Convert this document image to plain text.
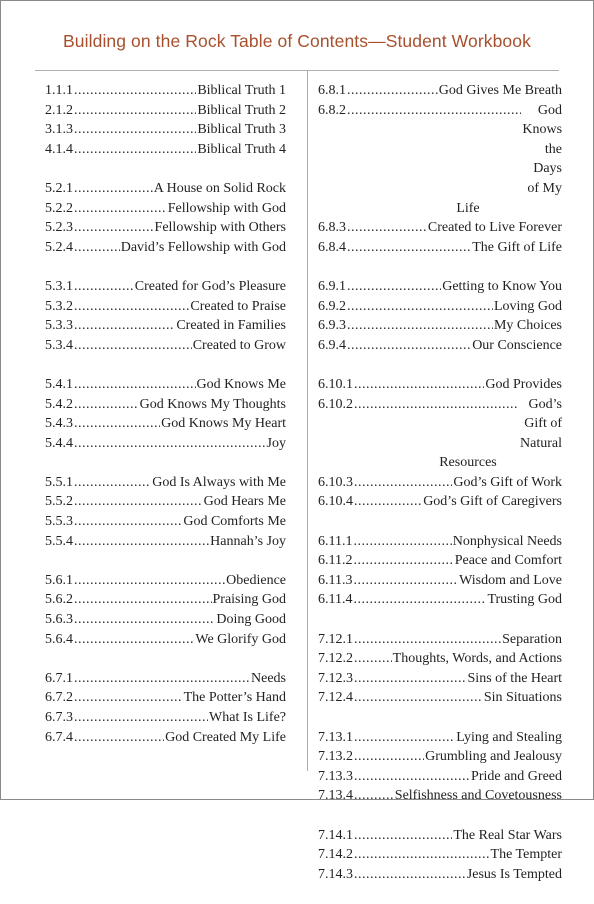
Building on the Rock Table of Contents—Student Workbook
1.1.1 .....	Biblical Truth 1
2.1.2 .....	Biblical Truth 2
3.1.3 .....	Biblical Truth 3
4.1.4 .....	Biblical Truth 4
5.2.1 .....	A House on Solid Rock
5.2.2 .....	Fellowship with God
5.2.3 .....	Fellowship with Others
5.2.4 .....	David’s Fellowship with God
5.3.1 .....	Created for God’s Pleasure
5.3.2 .....	Created to Praise
5.3.3 .....	Created in Families
5.3.4 .....	Created to Grow
5.4.1 .....	God Knows Me
5.4.2 .....	God Knows My Thoughts
5.4.3 .....	God Knows My Heart
5.4.4 .....	Joy
5.5.1 .....	God Is Always with Me
5.5.2 .....	God Hears Me
5.5.3 .....	God Comforts Me
5.5.4 .....	Hannah’s Joy
5.6.1 .....	Obedience
5.6.2 .....	Praising God
5.6.3 .....	Doing Good
5.6.4 .....	We Glorify God
6.7.1 .....	Needs
6.7.2 .....	The Potter’s Hand
6.7.3 .....	What Is Life?
6.7.4 .....	God Created My Life
6.8.1 .....	God Gives Me Breath
6.8.2 .....	God Knows the Days of My
Life
6.8.3 .....	Created to Live Forever
6.8.4 .....	The Gift of Life
6.9.1 .....	Getting to Know You
6.9.2 .....	Loving God
6.9.3 .....	My Choices
6.9.4 .....	Our Conscience
6.10.1 .....	God Provides
6.10.2 .....	God’s Gift of Natural
Resources
6.10.3 .....	God’s Gift of Work
6.10.4 .....	God’s Gift of Caregivers
6.11.1 .....	Nonphysical Needs
6.11.2 .....	Peace and Comfort
6.11.3 .....	Wisdom and Love
6.11.4 .....	Trusting God
7.12.1 .....	Separation
7.12.2 .....	Thoughts, Words, and Actions
7.12.3 .....	Sins of the Heart
7.12.4 .....	Sin Situations
7.13.1 .....	Lying and Stealing
7.13.2 .....	Grumbling and Jealousy
7.13.3 .....	Pride and Greed
7.13.4 .....	Selfishness and Covetousness
7.14.1 .....	The Real Star Wars
7.14.2 .....	The Tempter
7.14.3 .....	Jesus Is Tempted
